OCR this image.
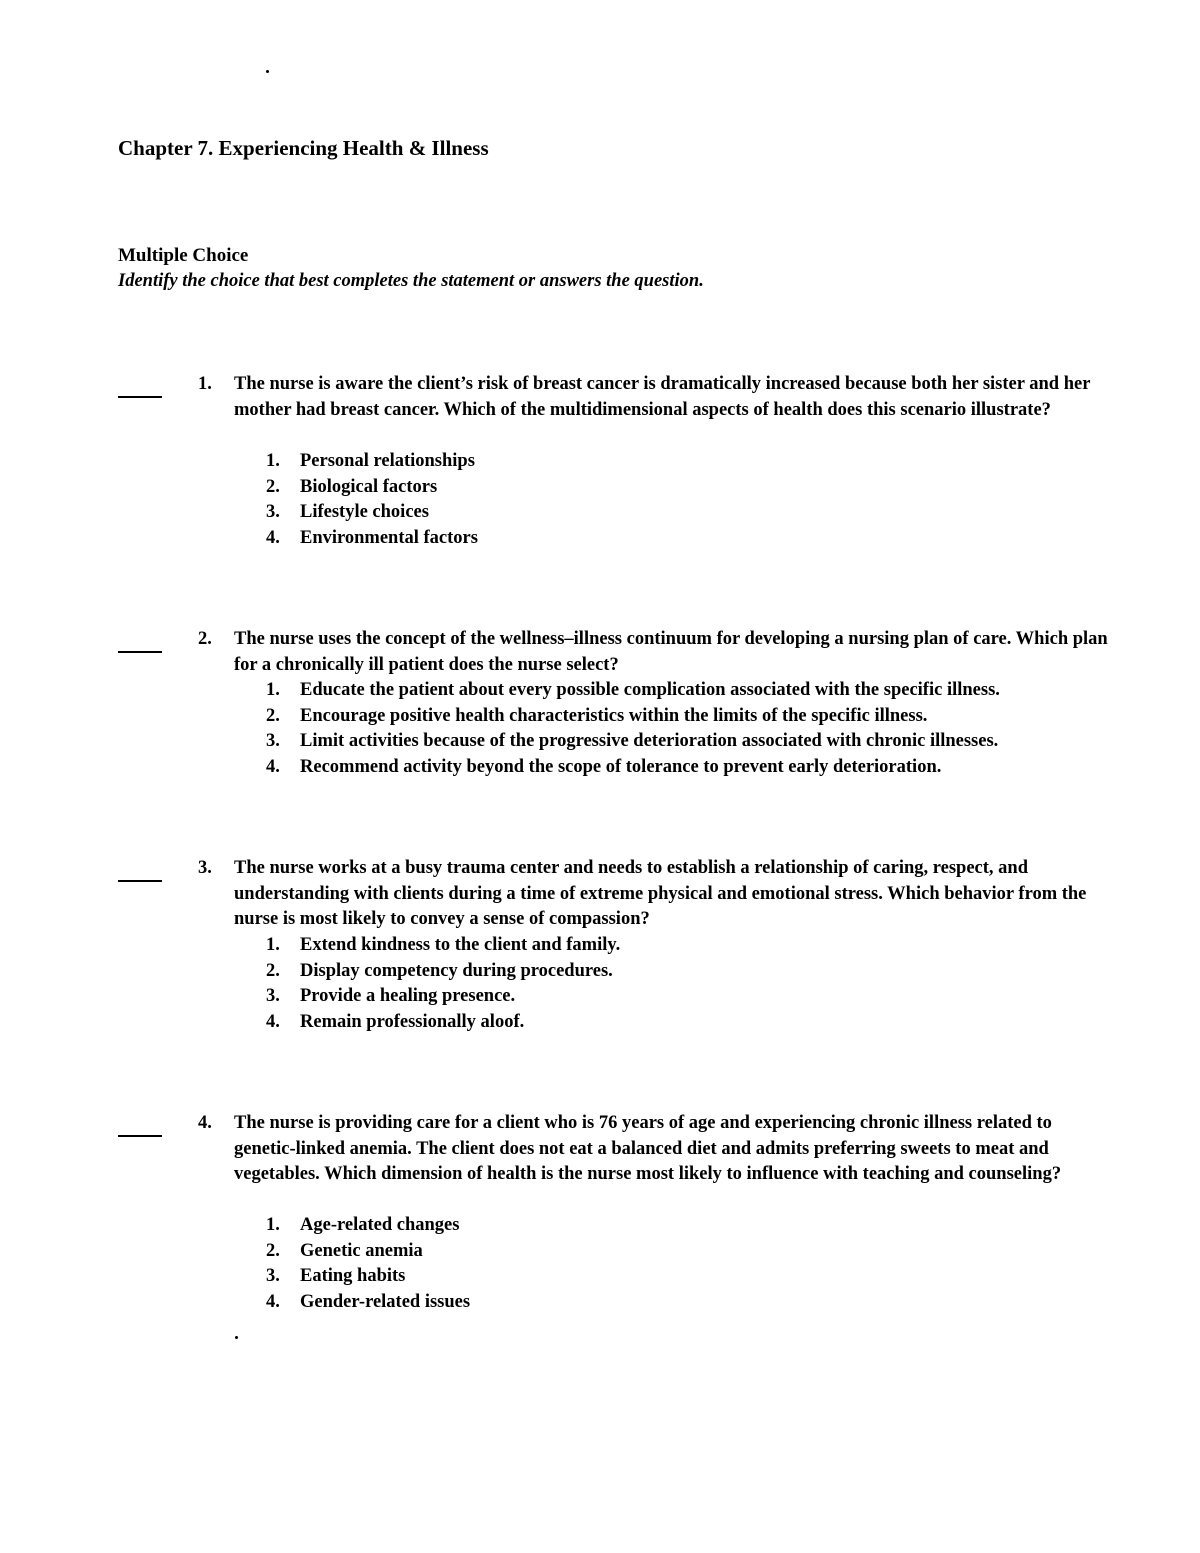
Chapter 7. Experiencing Health & Illness
Multiple Choice

Identify the choice that best completes the statement or answers the question.

1. The nurse is aware the client’s risk of breast cancer is dramatically increased because both her sister and her mother had breast cancer. Which of the multidimensional aspects of health does this scenario illustrate?

1. Personal relationships
2. Biological factors
3. Lifestyle choices
4. Environmental factors
2. The nurse uses the concept of the wellness–illness continuum for developing a nursing plan of care. Which plan for a chronically ill patient does the nurse select?

1. Educate the patient about every possible complication associated with the specific illness.
2. Encourage positive health characteristics within the limits of the specific illness.
3. Limit activities because of the progressive deterioration associated with chronic illnesses.
4. Recommend activity beyond the scope of tolerance to prevent early deterioration.
3. The nurse works at a busy trauma center and needs to establish a relationship of caring, respect, and understanding with clients during a time of extreme physical and emotional stress. Which behavior from the nurse is most likely to convey a sense of compassion?

1. Extend kindness to the client and family.
2. Display competency during procedures.
3. Provide a healing presence.
4. Remain professionally aloof.
4. The nurse is providing care for a client who is 76 years of age and experiencing chronic illness related to genetic-linked anemia. The client does not eat a balanced diet and admits preferring sweets to meat and vegetables. Which dimension of health is the nurse most likely to influence with teaching and counseling?

1. Age-related changes
2. Genetic anemia
3. Eating habits
4. Gender-related issues
